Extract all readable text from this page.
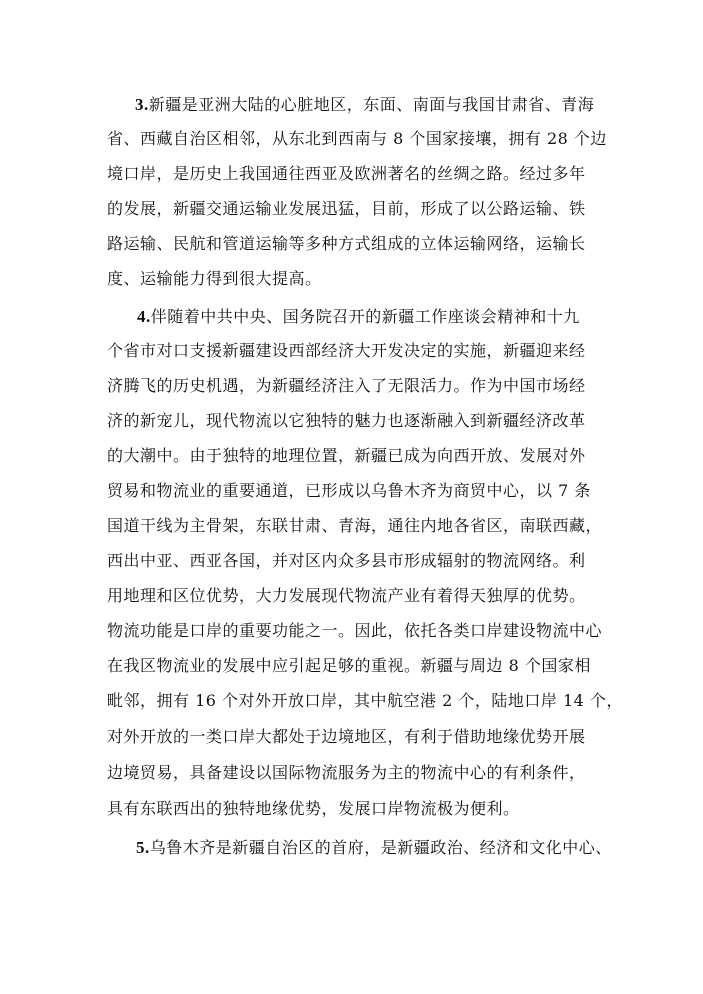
3.新疆是亚洲大陆的心脏地区，东面、南面与我国甘肃省、青海
省、西藏自治区相邻，从东北到西南与 8 个国家接壤，拥有 28 个边
境口岸，是历史上我国通往西亚及欧洲著名的丝绸之路。经过多年
的发展，新疆交通运输业发展迅猛，目前，形成了以公路运输、铁
路运输、民航和管道运输等多种方式组成的立体运输网络，运输长
度、运输能力得到很大提高。
4.伴随着中共中央、国务院召开的新疆工作座谈会精神和十九
个省市对口支援新疆建设西部经济大开发决定的实施，新疆迎来经
济腾飞的历史机遇，为新疆经济注入了无限活力。作为中国市场经
济的新宠儿，现代物流以它独特的魅力也逐渐融入到新疆经济改革
的大潮中。由于独特的地理位置，新疆已成为向西开放、发展对外
贸易和物流业的重要通道，已形成以乌鲁木齐为商贸中心，以 7 条
国道干线为主骨架，东联甘肃、青海，通往内地各省区，南联西藏，
西出中亚、西亚各国，并对区内众多县市形成辐射的物流网络。利
用地理和区位优势，大力发展现代物流产业有着得天独厚的优势。
物流功能是口岸的重要功能之一。因此，依托各类口岸建设物流中心
在我区物流业的发展中应引起足够的重视。新疆与周边 8 个国家相
毗邻，拥有 16 个对外开放口岸，其中航空港 2 个，陆地口岸 14 个，
对外开放的一类口岸大都处于边境地区，有利于借助地缘优势开展
边境贸易，具备建设以国际物流服务为主的物流中心的有利条件，
具有东联西出的独特地缘优势，发展口岸物流极为便利。
5.乌鲁木齐是新疆自治区的首府，是新疆政治、经济和文化中心、
